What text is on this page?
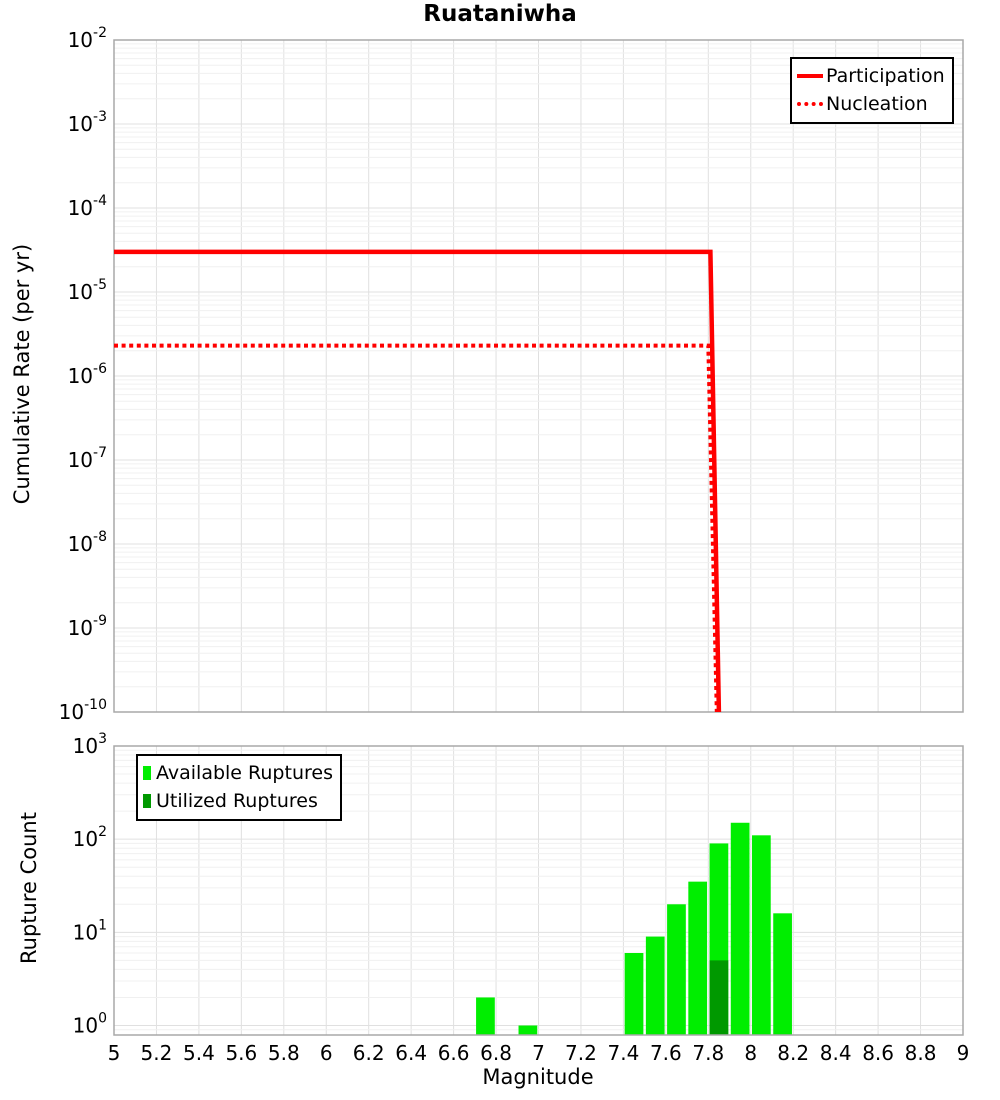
$10^{-2}$
$10^{-3}$
$10^{-4}$
$10^{-5}$
$10^{-6}$
$10^{-7}$
$10^{-8}$
$10^{-9}$
$10^{-10}$
$10^3$
$10^2$
$10^1$
$10^0$
5 5.2 5.4 5.6 5.8 6 6.2 6.4 6.6 6.8 7 7.2 7.4 7.6 7.8 8 8.2 8.4 8.6 8.8 9
Ruataniwha
Cumulative Rate (per yr)
Rupture Count
Magnitude
Participation
Nucleation
Available Ruptures
Utilized Ruptures
